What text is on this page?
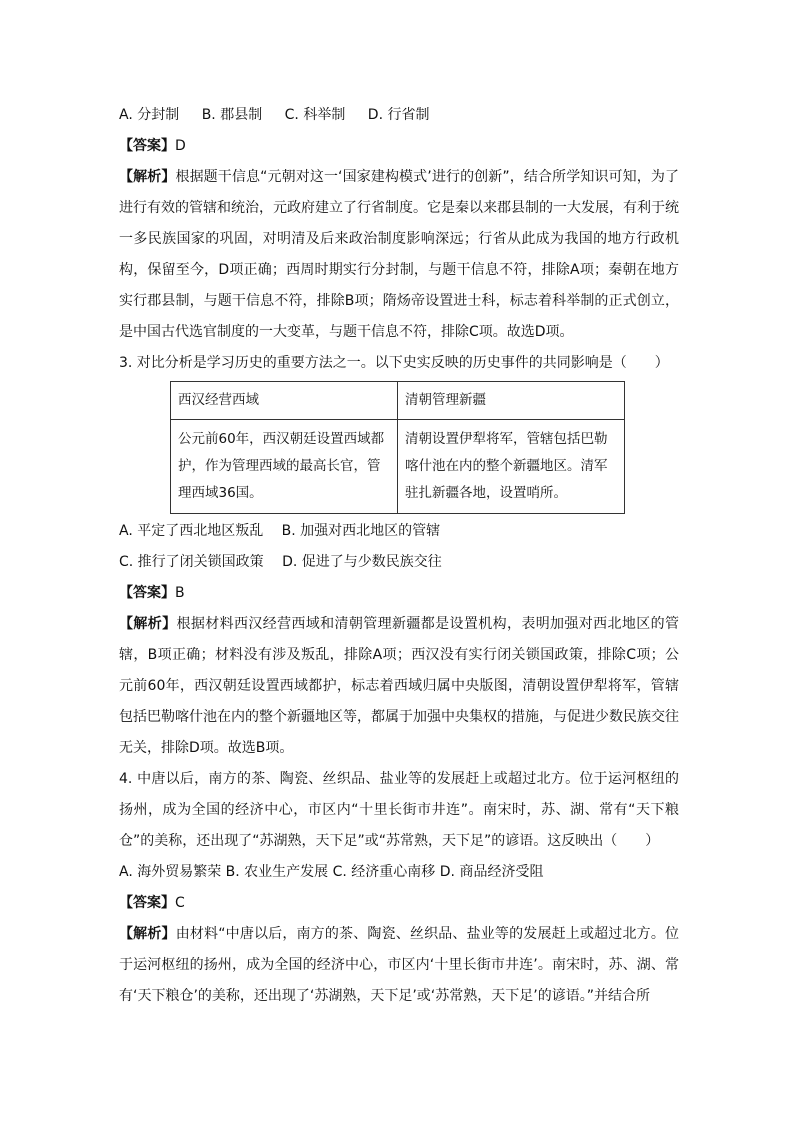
A. 分封制 B. 郡县制 C. 科举制 D. 行省制

【答案】D

【解析】根据题干信息“元朝对这一‘国家建构模式’进行的创新”，结合所学知识可知，为了进行有效的管辖和统治，元政府建立了行省制度。它是秦以来郡县制的一大发展，有利于统一多民族国家的巩固，对明清及后来政治制度影响深远；行省从此成为我国的地方行政机构，保留至今，D项正确；西周时期实行分封制，与题干信息不符，排除A项；秦朝在地方实行郡县制，与题干信息不符，排除B项；隋炀帝设置进士科，标志着科举制的正式创立，是中国古代选官制度的一大变革，与题干信息不符，排除C项。故选D项。

3. 对比分析是学习历史的重要方法之一。以下史实反映的历史事件的共同影响是（　　）

西汉经营西域	清朝管理新疆
公元前60年，西汉朝廷设置西域都护，作为管理西域的最高长官，管理西域36国。	清朝设置伊犁将军，管辖包括巴勒喀什池在内的整个新疆地区。清军驻扎新疆各地，设置哨所。

A. 平定了西北地区叛乱　 B. 加强对西北地区的管辖

C. 推行了闭关锁国政策　 D. 促进了与少数民族交往

【答案】B

【解析】根据材料西汉经营西域和清朝管理新疆都是设置机构，表明加强对西北地区的管辖，B项正确；材料没有涉及叛乱，排除A项；西汉没有实行闭关锁国政策，排除C项；公元前60年，西汉朝廷设置西域都护，标志着西域归属中央版图，清朝设置伊犁将军，管辖包括巴勒喀什池在内的整个新疆地区等，都属于加强中央集权的措施，与促进少数民族交往无关，排除D项。故选B项。

4. 中唐以后，南方的茶、陶瓷、丝织品、盐业等的发展赶上或超过北方。位于运河枢纽的扬州，成为全国的经济中心，市区内“十里长街市井连”。南宋时，苏、湖、常有“天下粮仓”的美称，还出现了“苏湖熟，天下足”或“苏常熟，天下足”的谚语。这反映出（　　）

A. 海外贸易繁荣 B. 农业生产发展 C. 经济重心南移 D. 商品经济受阻

【答案】C

【解析】由材料“中唐以后，南方的茶、陶瓷、丝织品、盐业等的发展赶上或超过北方。位于运河枢纽的扬州，成为全国的经济中心，市区内‘十里长街市井连’。南宋时，苏、湖、常有‘天下粮仓’的美称，还出现了‘苏湖熟，天下足’或‘苏常熟，天下足’的谚语。”并结合所
